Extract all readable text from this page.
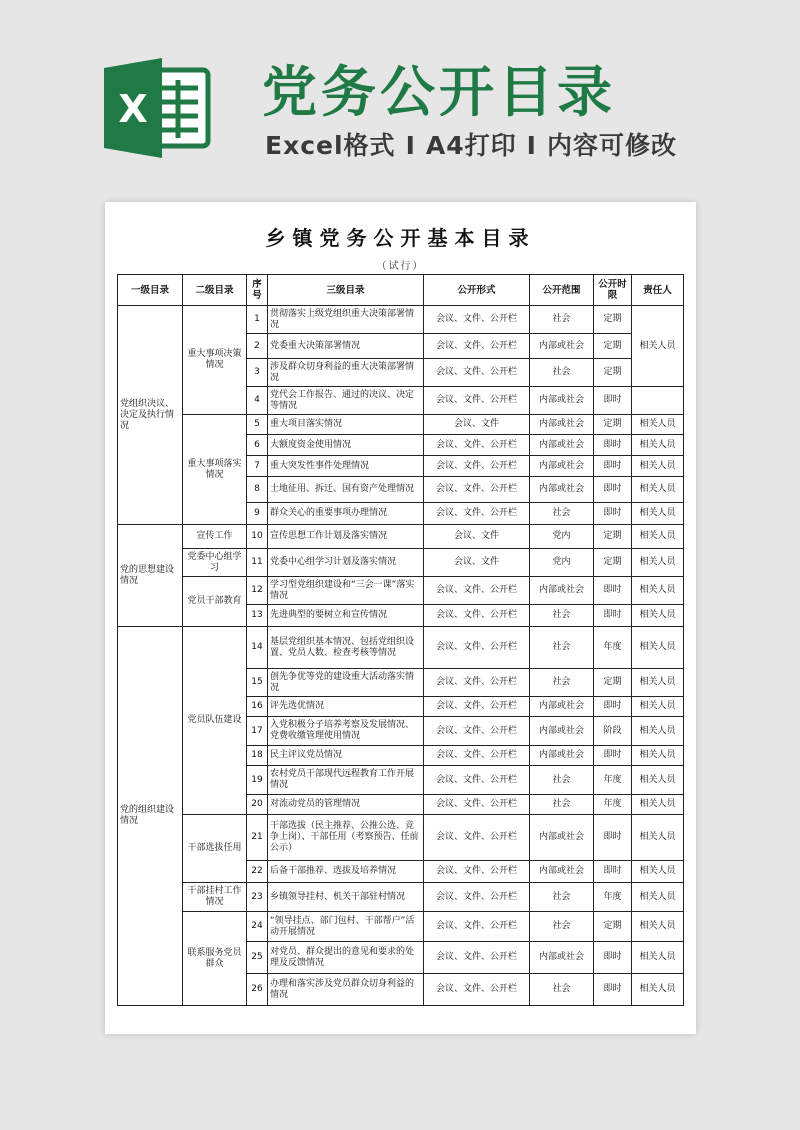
X 党务公开目录
Excel格式 I A4打印 I 内容可修改
乡镇党务公开基本目录
（试行）
一级目录	二级目录	序号	三级目录	公开形式	公开范围	公开时限	责任人
党组织决议、决定及执行情况	重大事项决策情况	1	贯彻落实上级党组织重大决策部署情况	会议、文件、公开栏	社会	定期	相关人员
		2	党委重大决策部署情况	会议、文件、公开栏	内部或社会	定期	
		3	涉及群众切身利益的重大决策部署情况	会议、文件、公开栏	社会	定期	
		4	党代会工作报告、通过的决议、决定等情况	会议、文件、公开栏	内部或社会	即时	
	重大事项落实情况	5	重大项目落实情况	会议、文件	内部或社会	定期	相关人员
		6	大额度资金使用情况	会议、文件、公开栏	内部或社会	即时	相关人员
		7	重大突发性事件处理情况	会议、文件、公开栏	内部或社会	即时	相关人员
		8	土地征用、拆迁、国有资产处理情况	会议、文件、公开栏	内部或社会	即时	相关人员
		9	群众关心的重要事项办理情况	会议、文件、公开栏	社会	即时	相关人员
党的思想建设情况	宣传工作	10	宣传思想工作计划及落实情况	会议、文件	党内	定期	相关人员
	党委中心组学习	11	党委中心组学习计划及落实情况	会议、文件	党内	定期	相关人员
	党员干部教育	12	学习型党组织建设和“三会一课”落实情况	会议、文件、公开栏	内部或社会	即时	相关人员
		13	先进典型的要树立和宣传情况	会议、文件、公开栏	社会	即时	相关人员
党的组织建设情况	党员队伍建设	14	基层党组织基本情况、包括党组织设置、党员人数、检查考核等情况	会议、文件、公开栏	社会	年度	相关人员
		15	创先争优等党的建设重大活动落实情况	会议、文件、公开栏	社会	定期	相关人员
		16	评先选优情况	会议、文件、公开栏	内部或社会	即时	相关人员
		17	入党积极分子培养考察及发展情况、党费收缴管理使用情况	会议、文件、公开栏	内部或社会	阶段	相关人员
		18	民主评议党员情况	会议、文件、公开栏	内部或社会	即时	相关人员
		19	农村党员干部现代远程教育工作开展情况	会议、文件、公开栏	社会	年度	相关人员
		20	对流动党员的管理情况	会议、文件、公开栏	社会	年度	相关人员
	干部选拔任用	21	干部选拔（民主推荐、公推公选、竞争上岗）、干部任用（考察预告、任前公示）	会议、文件、公开栏	内部或社会	即时	相关人员
		22	后备干部推荐、选拔及培养情况	会议、文件、公开栏	内部或社会	即时	相关人员
	干部挂村工作情况	23	乡镇领导挂村、机关干部驻村情况	会议、文件、公开栏	社会	年度	相关人员
	联系服务党员群众	24	“领导挂点、部门包村、干部帮户”活动开展情况	会议、文件、公开栏	社会	定期	相关人员
		25	对党员、群众提出的意见和要求的处理及反馈情况	会议、文件、公开栏	内部或社会	即时	相关人员
		26	办理和落实涉及党员群众切身利益的情况	会议、文件、公开栏	社会	即时	相关人员
